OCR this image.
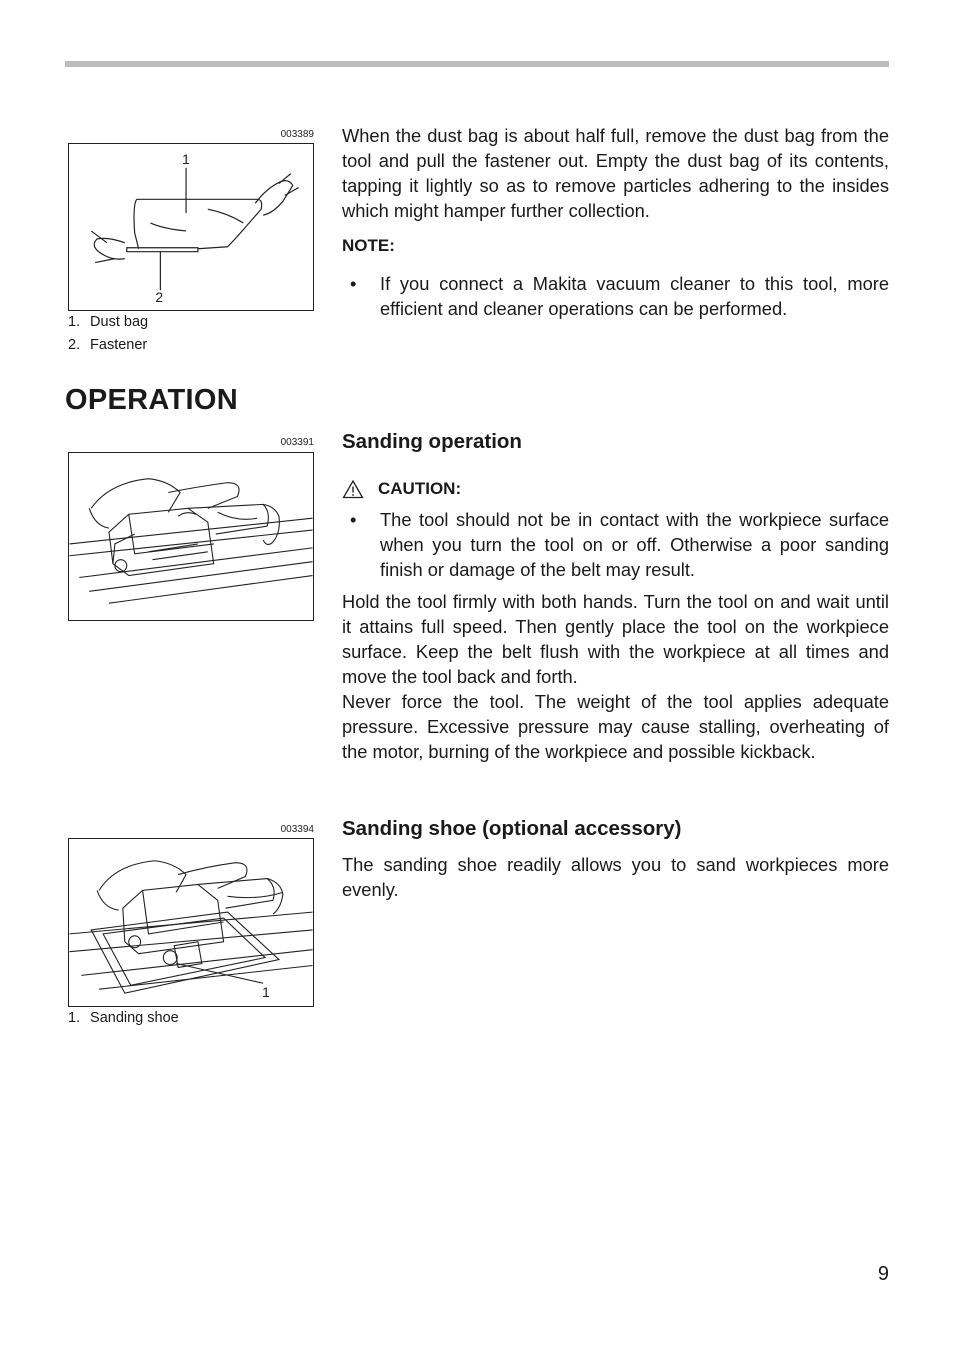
003389
1
2
1. Dust bag
2. Fastener

When the dust bag is about half full, remove the dust bag from the tool and pull the fastener out. Empty the dust bag of its contents, tapping it lightly so as to remove particles adhering to the insides which might hamper further collection.

NOTE:
• If you connect a Makita vacuum cleaner to this tool, more efficient and cleaner operations can be performed.
OPERATION
003391 Sanding operation
CAUTION:
• The tool should not be in contact with the workpiece surface when you turn the tool on or off. Otherwise a poor sanding finish or damage of the belt may result.

Hold the tool firmly with both hands. Turn the tool on and wait until it attains full speed. Then gently place the tool on the workpiece surface. Keep the belt flush with the workpiece at all times and move the tool back and forth.

Never force the tool. The weight of the tool applies adequate pressure. Excessive pressure may cause stalling, overheating of the motor, burning of the workpiece and possible kickback.

003394
1
1. Sanding shoe
Sanding shoe (optional accessory)

The sanding shoe readily allows you to sand workpieces more evenly.

9
